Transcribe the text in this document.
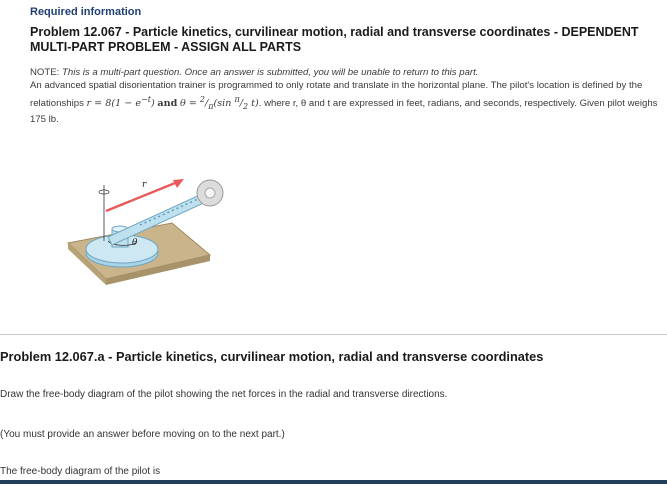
Required information
Problem 12.067 - Particle kinetics, curvilinear motion, radial and transverse coordinates - DEPENDENT MULTI-PART PROBLEM - ASSIGN ALL PARTS
NOTE: This is a multi-part question. Once an answer is submitted, you will be unable to return to this part.
An advanced spatial disorientation trainer is programmed to only rotate and translate in the horizontal plane. The pilot's location is defined by the relationships $r = 8(1 - e^{-t})$ and $\theta = ^2/_\pi(\sin$ $^\pi/_2$ t). where r, θ and t are expressed in feet, radians, and seconds, respectively. Given pilot weighs 175 lb.
θ
r
Problem 12.067.a - Particle kinetics, curvilinear motion, radial and transverse coordinates
Draw the free-body diagram of the pilot showing the net forces in the radial and transverse directions.
(You must provide an answer before moving on to the next part.)
The free-body diagram of the pilot is
